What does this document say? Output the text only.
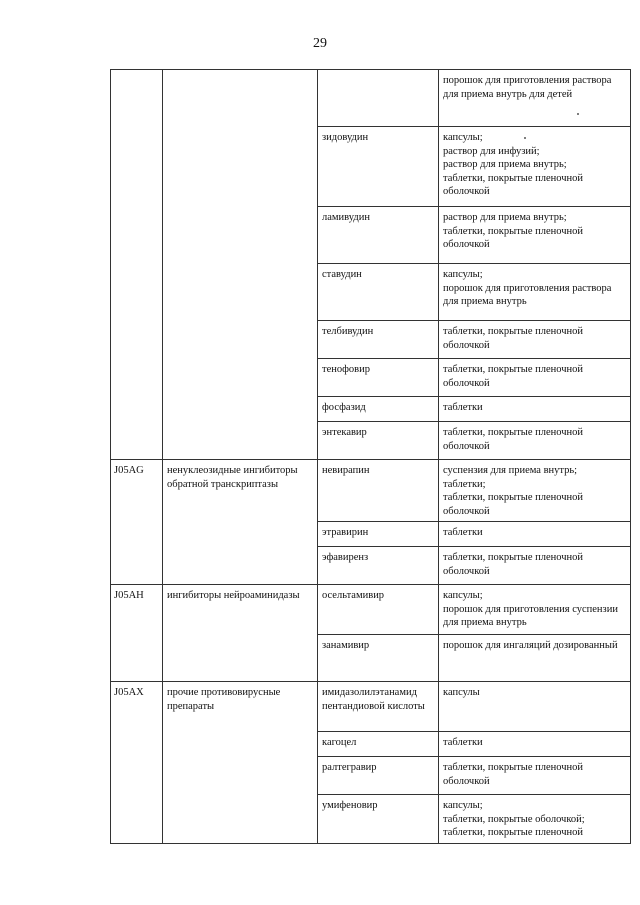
29

			порошок для приготовления раствора для приема внутрь для детей

		зидовудин	капсулы;
раствор для инфузий;
раствор для приема внутрь;
таблетки, покрытые пленочной оболочкой

		ламивудин	раствор для приема внутрь;
таблетки, покрытые пленочной оболочкой

		ставудин	капсулы;
порошок для приготовления раствора для приема внутрь

		телбивудин	таблетки, покрытые пленочной оболочкой

		тенофовир	таблетки, покрытые пленочной оболочкой

		фосфазид	таблетки

		энтекавир	таблетки, покрытые пленочной оболочкой

J05AG	ненуклеозидные ингибиторы обратной транскриптазы	невирапин	суспензия для приема внутрь;
таблетки;
таблетки, покрытые пленочной оболочкой

		этравирин	таблетки

		эфавиренз	таблетки, покрытые пленочной оболочкой

J05AH	ингибиторы нейроаминидазы	осельтамивир	капсулы;
порошок для приготовления суспензии для приема внутрь

		занамивир	порошок для ингаляций дозированный

J05AX	прочие противовирусные препараты	имидазолилэтанамид пентандиовой кислоты	капсулы

		кагоцел	таблетки

		ралтегравир	таблетки, покрытые пленочной оболочкой

		умифеновир	капсулы;
таблетки, покрытые оболочкой;
таблетки, покрытые пленочной
